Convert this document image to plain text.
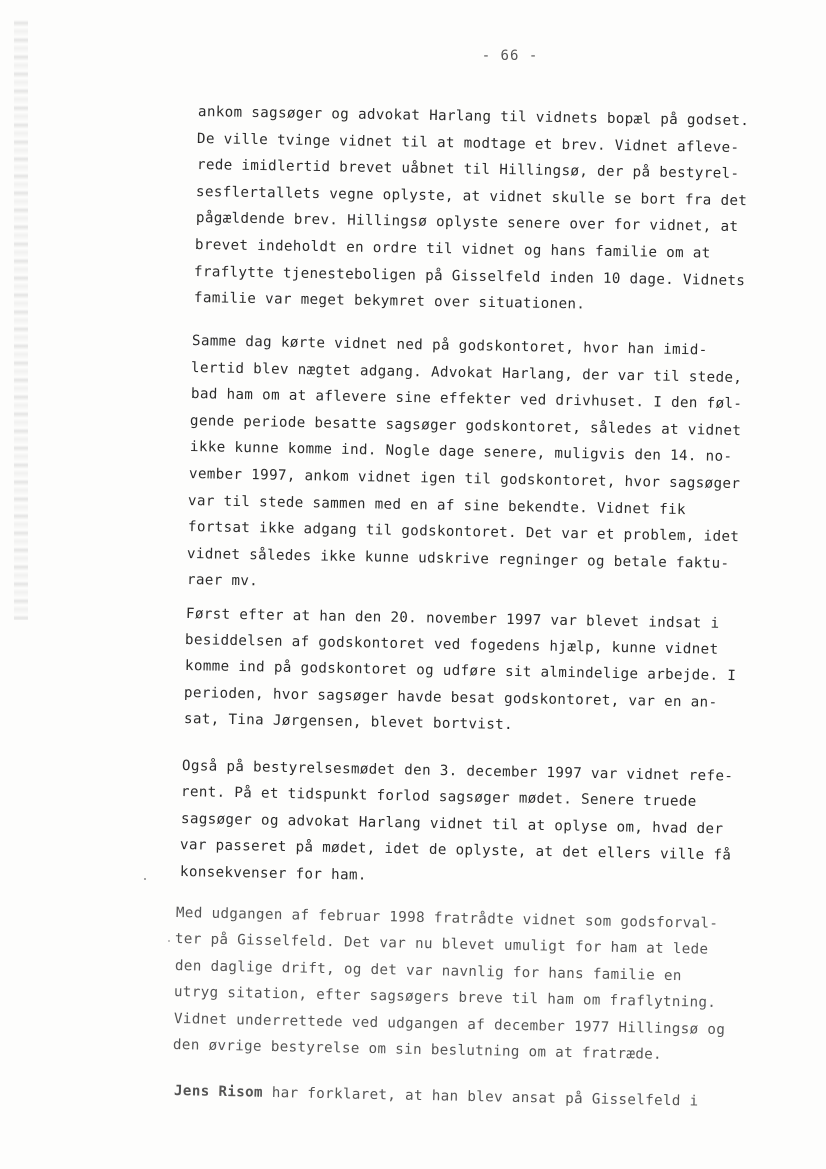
- 66 -
ankom sagsøger og advokat Harlang til vidnets bopæl på godset.
De ville tvinge vidnet til at modtage et brev. Vidnet afleve-
rede imidlertid brevet uåbnet til Hillingsø, der på bestyrel-
sesflertallets vegne oplyste, at vidnet skulle se bort fra det
pågældende brev. Hillingsø oplyste senere over for vidnet, at
brevet indeholdt en ordre til vidnet og hans familie om at
fraflytte tjenesteboligen på Gisselfeld inden 10 dage. Vidnets
familie var meget bekymret over situationen.
Samme dag kørte vidnet ned på godskontoret, hvor han imid-
lertid blev nægtet adgang. Advokat Harlang, der var til stede,
bad ham om at aflevere sine effekter ved drivhuset. I den føl-
gende periode besatte sagsøger godskontoret, således at vidnet
ikke kunne komme ind. Nogle dage senere, muligvis den 14. no-
vember 1997, ankom vidnet igen til godskontoret, hvor sagsøger
var til stede sammen med en af sine bekendte. Vidnet fik
fortsat ikke adgang til godskontoret. Det var et problem, idet
vidnet således ikke kunne udskrive regninger og betale faktu-
raer mv.
Først efter at han den 20. november 1997 var blevet indsat i
besiddelsen af godskontoret ved fogedens hjælp, kunne vidnet
komme ind på godskontoret og udføre sit almindelige arbejde. I
perioden, hvor sagsøger havde besat godskontoret, var en an-
sat, Tina Jørgensen, blevet bortvist.
Også på bestyrelsesmødet den 3. december 1997 var vidnet refe-
rent. På et tidspunkt forlod sagsøger mødet. Senere truede
sagsøger og advokat Harlang vidnet til at oplyse om, hvad der
var passeret på mødet, idet de oplyste, at det ellers ville få
konsekvenser for ham.
Med udgangen af februar 1998 fratrådte vidnet som godsforval-
ter på Gisselfeld. Det var nu blevet umuligt for ham at lede
den daglige drift, og det var navnlig for hans familie en
utryg sitation, efter sagsøgers breve til ham om fraflytning.
Vidnet underrettede ved udgangen af december 1977 Hillingsø og
den øvrige bestyrelse om sin beslutning om at fratræde.
Jens Risom har forklaret, at han blev ansat på Gisselfeld i
